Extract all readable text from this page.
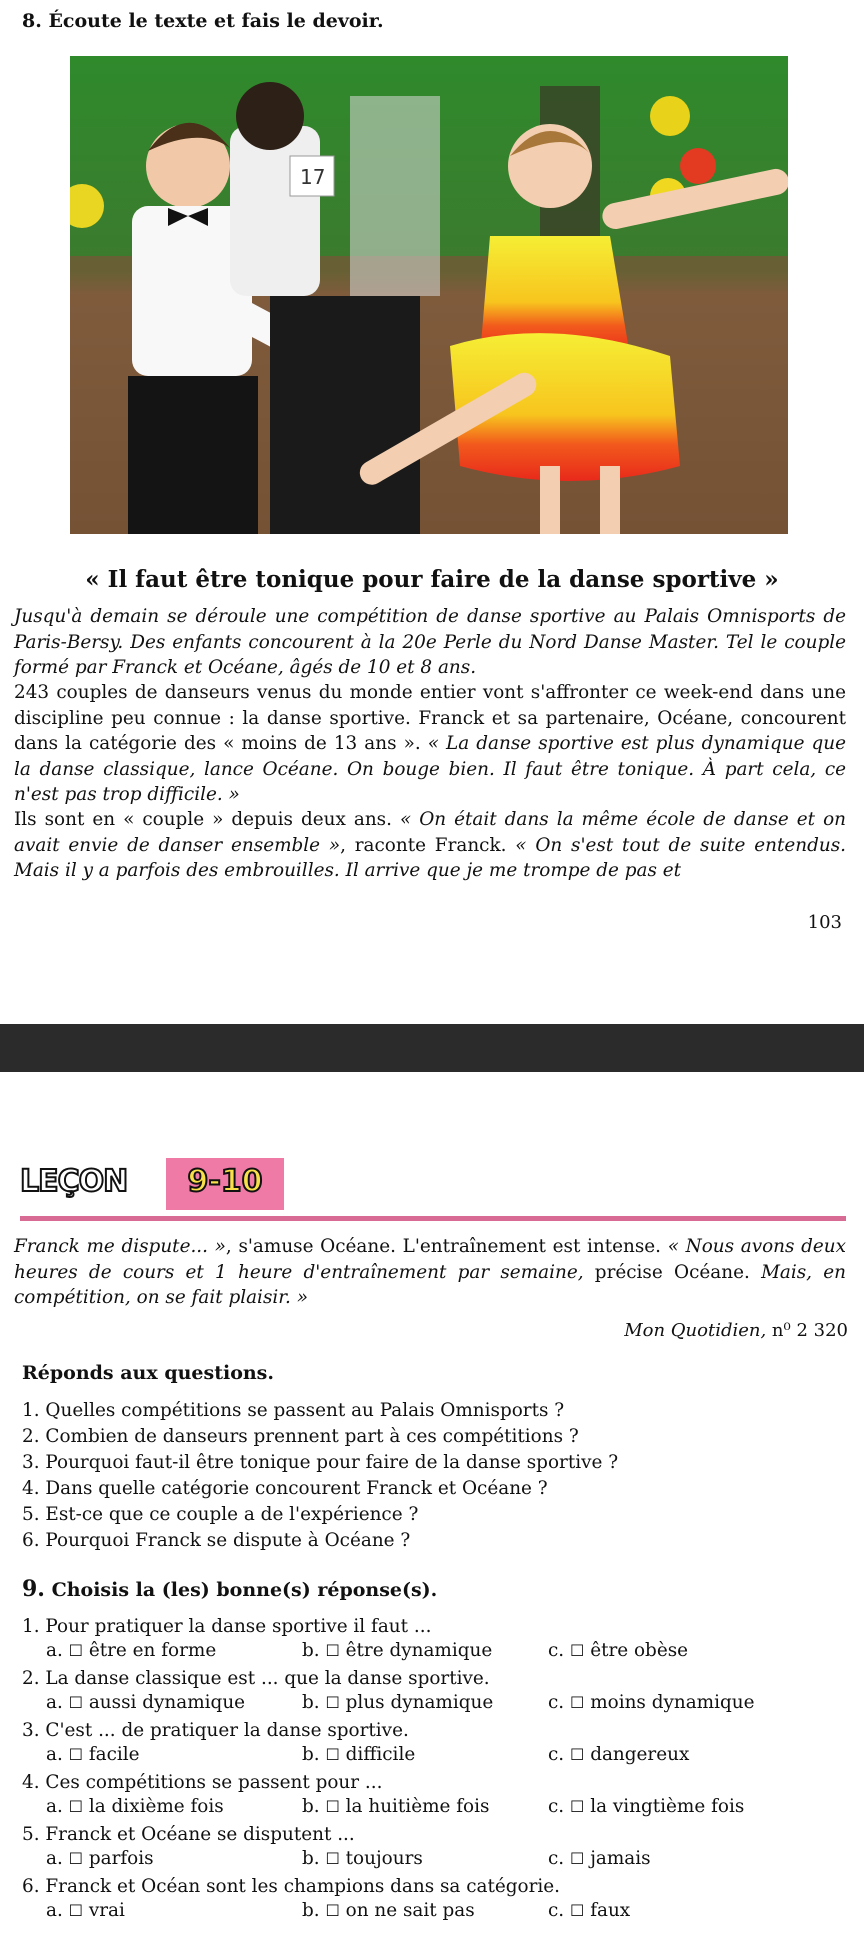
8. Écoute le texte et fais le devoir.
17
« Il faut être tonique pour faire de la danse sportive »
Jusqu'à demain se déroule une compétition de danse sportive au Palais Omnisports de Paris-Bersy. Des enfants concourent à la 20e Perle du Nord Danse Master. Tel le couple formé par Franck et Océane, âgés de 10 et 8 ans.
243 couples de danseurs venus du monde entier vont s'affronter ce week-end dans une discipline peu connue : la danse sportive. Franck et sa partenaire, Océane, concourent dans la catégorie des « moins de 13 ans ». « La danse sportive est plus dynamique que la danse classique, lance Océane. On bouge bien. Il faut être tonique. À part cela, ce n'est pas trop difficile. »
Ils sont en « couple » depuis deux ans. « On était dans la même école de danse et on avait envie de danser ensemble », raconte Franck. « On s'est tout de suite entendus. Mais il y a parfois des embrouilles. Il arrive que je me trompe de pas et
103
LEÇON	9-10
Franck me dispute... », s'amuse Océane. L'entraînement est intense. « Nous avons deux heures de cours et 1 heure d'entraînement par semaine, précise Océane. Mais, en compétition, on se fait plaisir. »
Mon Quotidien, n⁰ 2 320
Réponds aux questions.
1. Quelles compétitions se passent au Palais Omnisports ?
2. Combien de danseurs prennent part à ces compétitions ?
3. Pourquoi faut-il être tonique pour faire de la danse sportive ?
4. Dans quelle catégorie concourent Franck et Océane ?
5. Est-ce que ce couple a de l'expérience ?
6. Pourquoi Franck se dispute à Océane ?
9. Choisis la (les) bonne(s) réponse(s).
1. Pour pratiquer la danse sportive il faut ...
a. ☐ être en forme	b. ☐ être dynamique	c. ☐ être obèse
2. La danse classique est ... que la danse sportive.
a. ☐ aussi dynamique	b. ☐ plus dynamique	c. ☐ moins dynamique
3. C'est ... de pratiquer la danse sportive.
a. ☐ facile	b. ☐ difficile	c. ☐ dangereux
4. Ces compétitions se passent pour ...
a. ☐ la dixième fois	b. ☐ la huitième fois	c. ☐ la vingtième fois
5. Franck et Océane se disputent ...
a. ☐ parfois	b. ☐ toujours	c. ☐ jamais
6. Franck et Océan sont les champions dans sa catégorie.
a. ☐ vrai	b. ☐ on ne sait pas	c. ☐ faux
